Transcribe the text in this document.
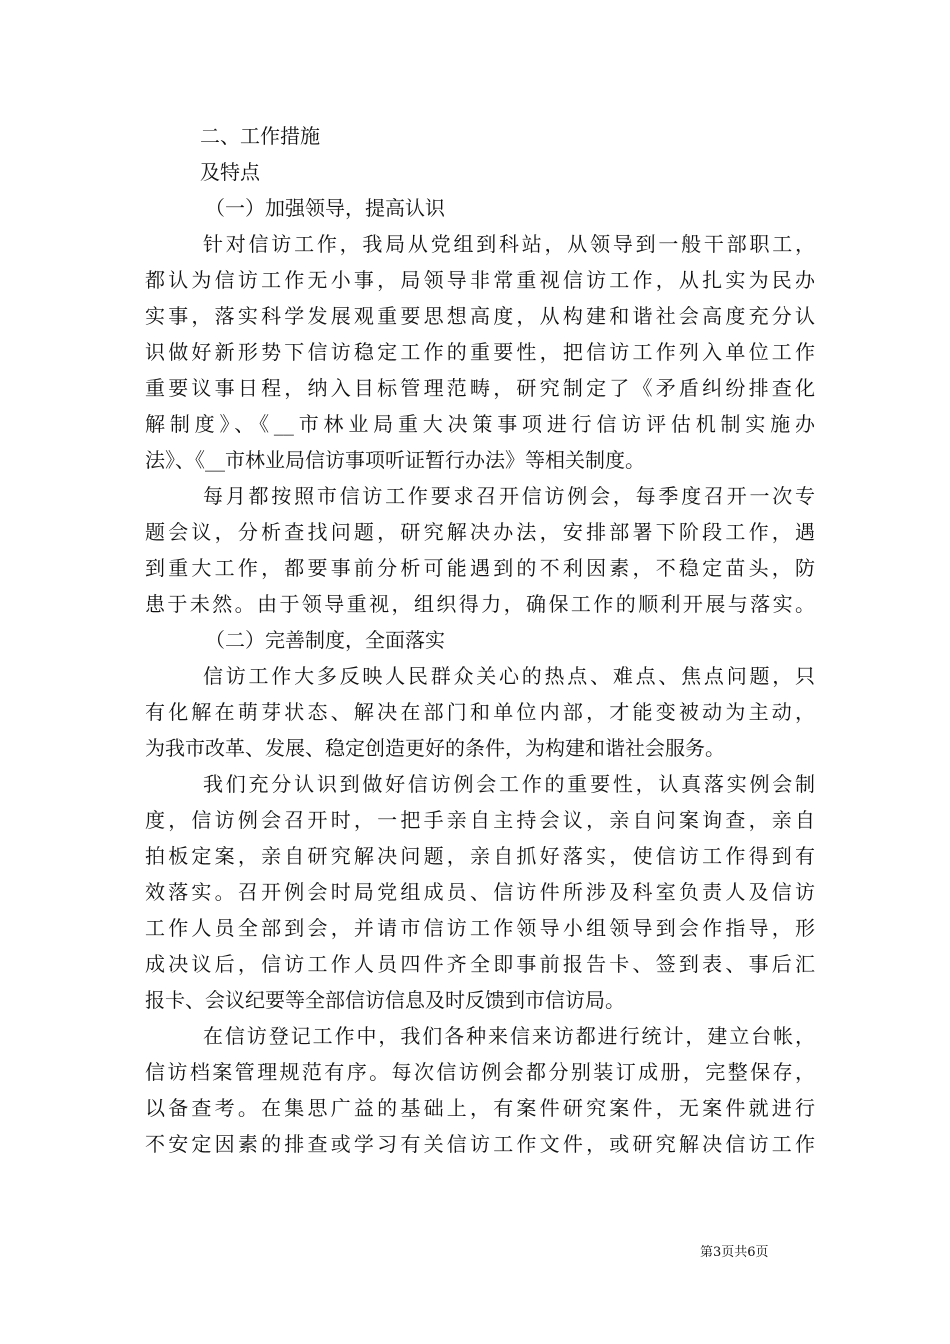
二、工作措施
及特点
（一）加强领导，提高认识
针对信访工作，我局从党组到科站，从领导到一般干部职工，
都认为信访工作无小事，局领导非常重视信访工作，从扎实为民办
实事，落实科学发展观重要思想高度，从构建和谐社会高度充分认
识做好新形势下信访稳定工作的重要性，把信访工作列入单位工作
重要议事日程，纳入目标管理范畴，研究制定了《矛盾纠纷排查化
解制度》、《__市林业局重大决策事项进行信访评估机制实施办
法》、《__市林业局信访事项听证暂行办法》等相关制度。
每月都按照市信访工作要求召开信访例会，每季度召开一次专
题会议，分析查找问题，研究解决办法，安排部署下阶段工作，遇
到重大工作，都要事前分析可能遇到的不利因素，不稳定苗头，防
患于未然。由于领导重视，组织得力，确保工作的顺利开展与落实。
（二）完善制度，全面落实
信访工作大多反映人民群众关心的热点、难点、焦点问题，只
有化解在萌芽状态、解决在部门和单位内部，才能变被动为主动，
为我市改革、发展、稳定创造更好的条件，为构建和谐社会服务。
我们充分认识到做好信访例会工作的重要性，认真落实例会制
度，信访例会召开时，一把手亲自主持会议，亲自问案询查，亲自
拍板定案，亲自研究解决问题，亲自抓好落实，使信访工作得到有
效落实。召开例会时局党组成员、信访件所涉及科室负责人及信访
工作人员全部到会，并请市信访工作领导小组领导到会作指导，形
成决议后，信访工作人员四件齐全即事前报告卡、签到表、事后汇
报卡、会议纪要等全部信访信息及时反馈到市信访局。
在信访登记工作中，我们各种来信来访都进行统计，建立台帐，
信访档案管理规范有序。每次信访例会都分别装订成册，完整保存，
以备查考。在集思广益的基础上，有案件研究案件，无案件就进行
不安定因素的排查或学习有关信访工作文件，或研究解决信访工作
第3页共6页
